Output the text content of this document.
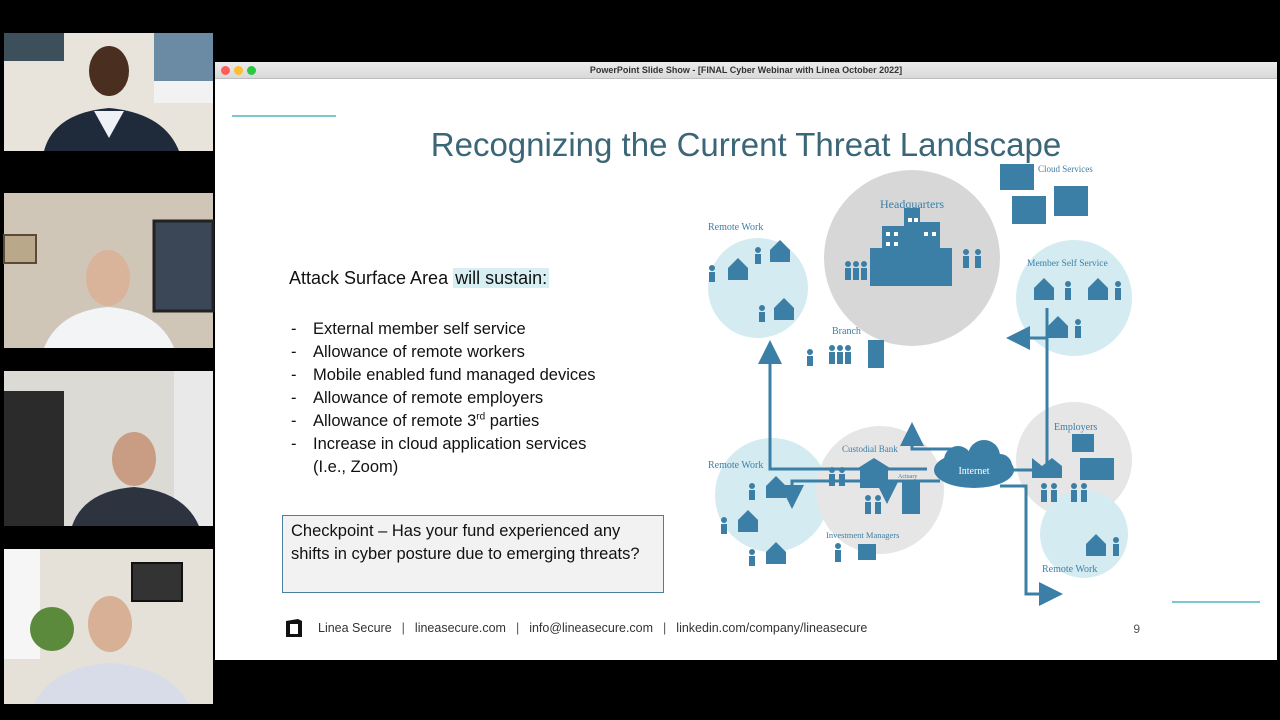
PowerPoint Slide Show - [FINAL Cyber Webinar with Linea October 2022]
Recognizing the Current Threat Landscape
Attack Surface Area will sustain:
- External member self service
- Allowance of remote workers
- Mobile enabled fund managed devices
- Allowance of remote employers
- Allowance of remote 3rd parties
- Increase in cloud application services (I.e., Zoom)
Checkpoint – Has your fund experienced any shifts in cyber posture due to emerging threats?
Linea Secure | lineasecure.com | info@lineasecure.com | linkedin.com/company/lineasecure	9
Internet
Headquarters
Cloud Services
Remote Work
Branch
Member Self Service
Employers
Remote Work
Remote Work
Custodial Bank
Actuary
Investment Managers
